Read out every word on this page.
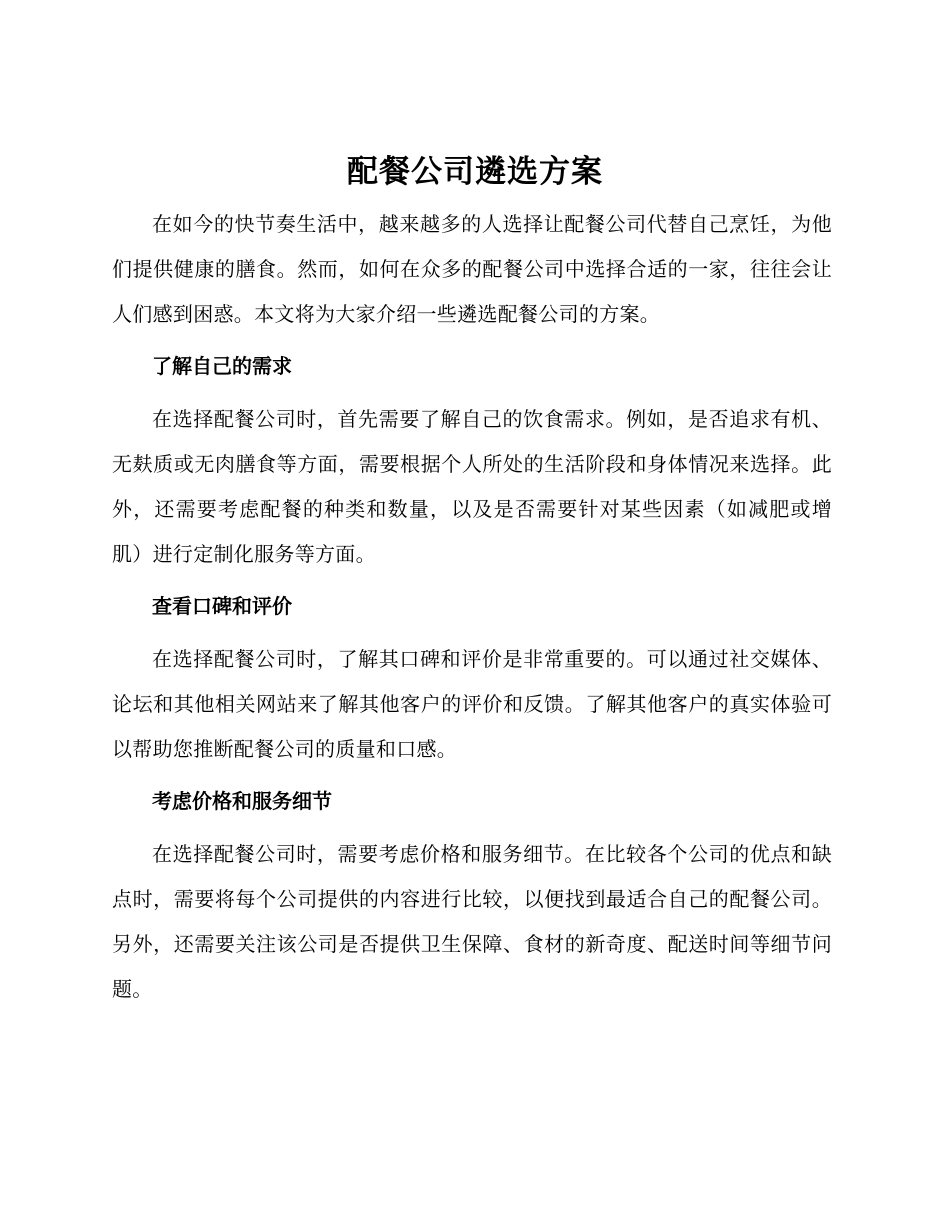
配餐公司遴选方案

在如今的快节奏生活中，越来越多的人选择让配餐公司代替自己烹饪，为他们提供健康的膳食。然而，如何在众多的配餐公司中选择合适的一家，往往会让人们感到困惑。本文将为大家介绍一些遴选配餐公司的方案。

了解自己的需求

在选择配餐公司时，首先需要了解自己的饮食需求。例如，是否追求有机、无麸质或无肉膳食等方面，需要根据个人所处的生活阶段和身体情况来选择。此外，还需要考虑配餐的种类和数量，以及是否需要针对某些因素（如减肥或增肌）进行定制化服务等方面。

查看口碑和评价

在选择配餐公司时，了解其口碑和评价是非常重要的。可以通过社交媒体、论坛和其他相关网站来了解其他客户的评价和反馈。了解其他客户的真实体验可以帮助您推断配餐公司的质量和口感。

考虑价格和服务细节

在选择配餐公司时，需要考虑价格和服务细节。在比较各个公司的优点和缺点时，需要将每个公司提供的内容进行比较，以便找到最适合自己的配餐公司。另外，还需要关注该公司是否提供卫生保障、食材的新奇度、配送时间等细节问题。
